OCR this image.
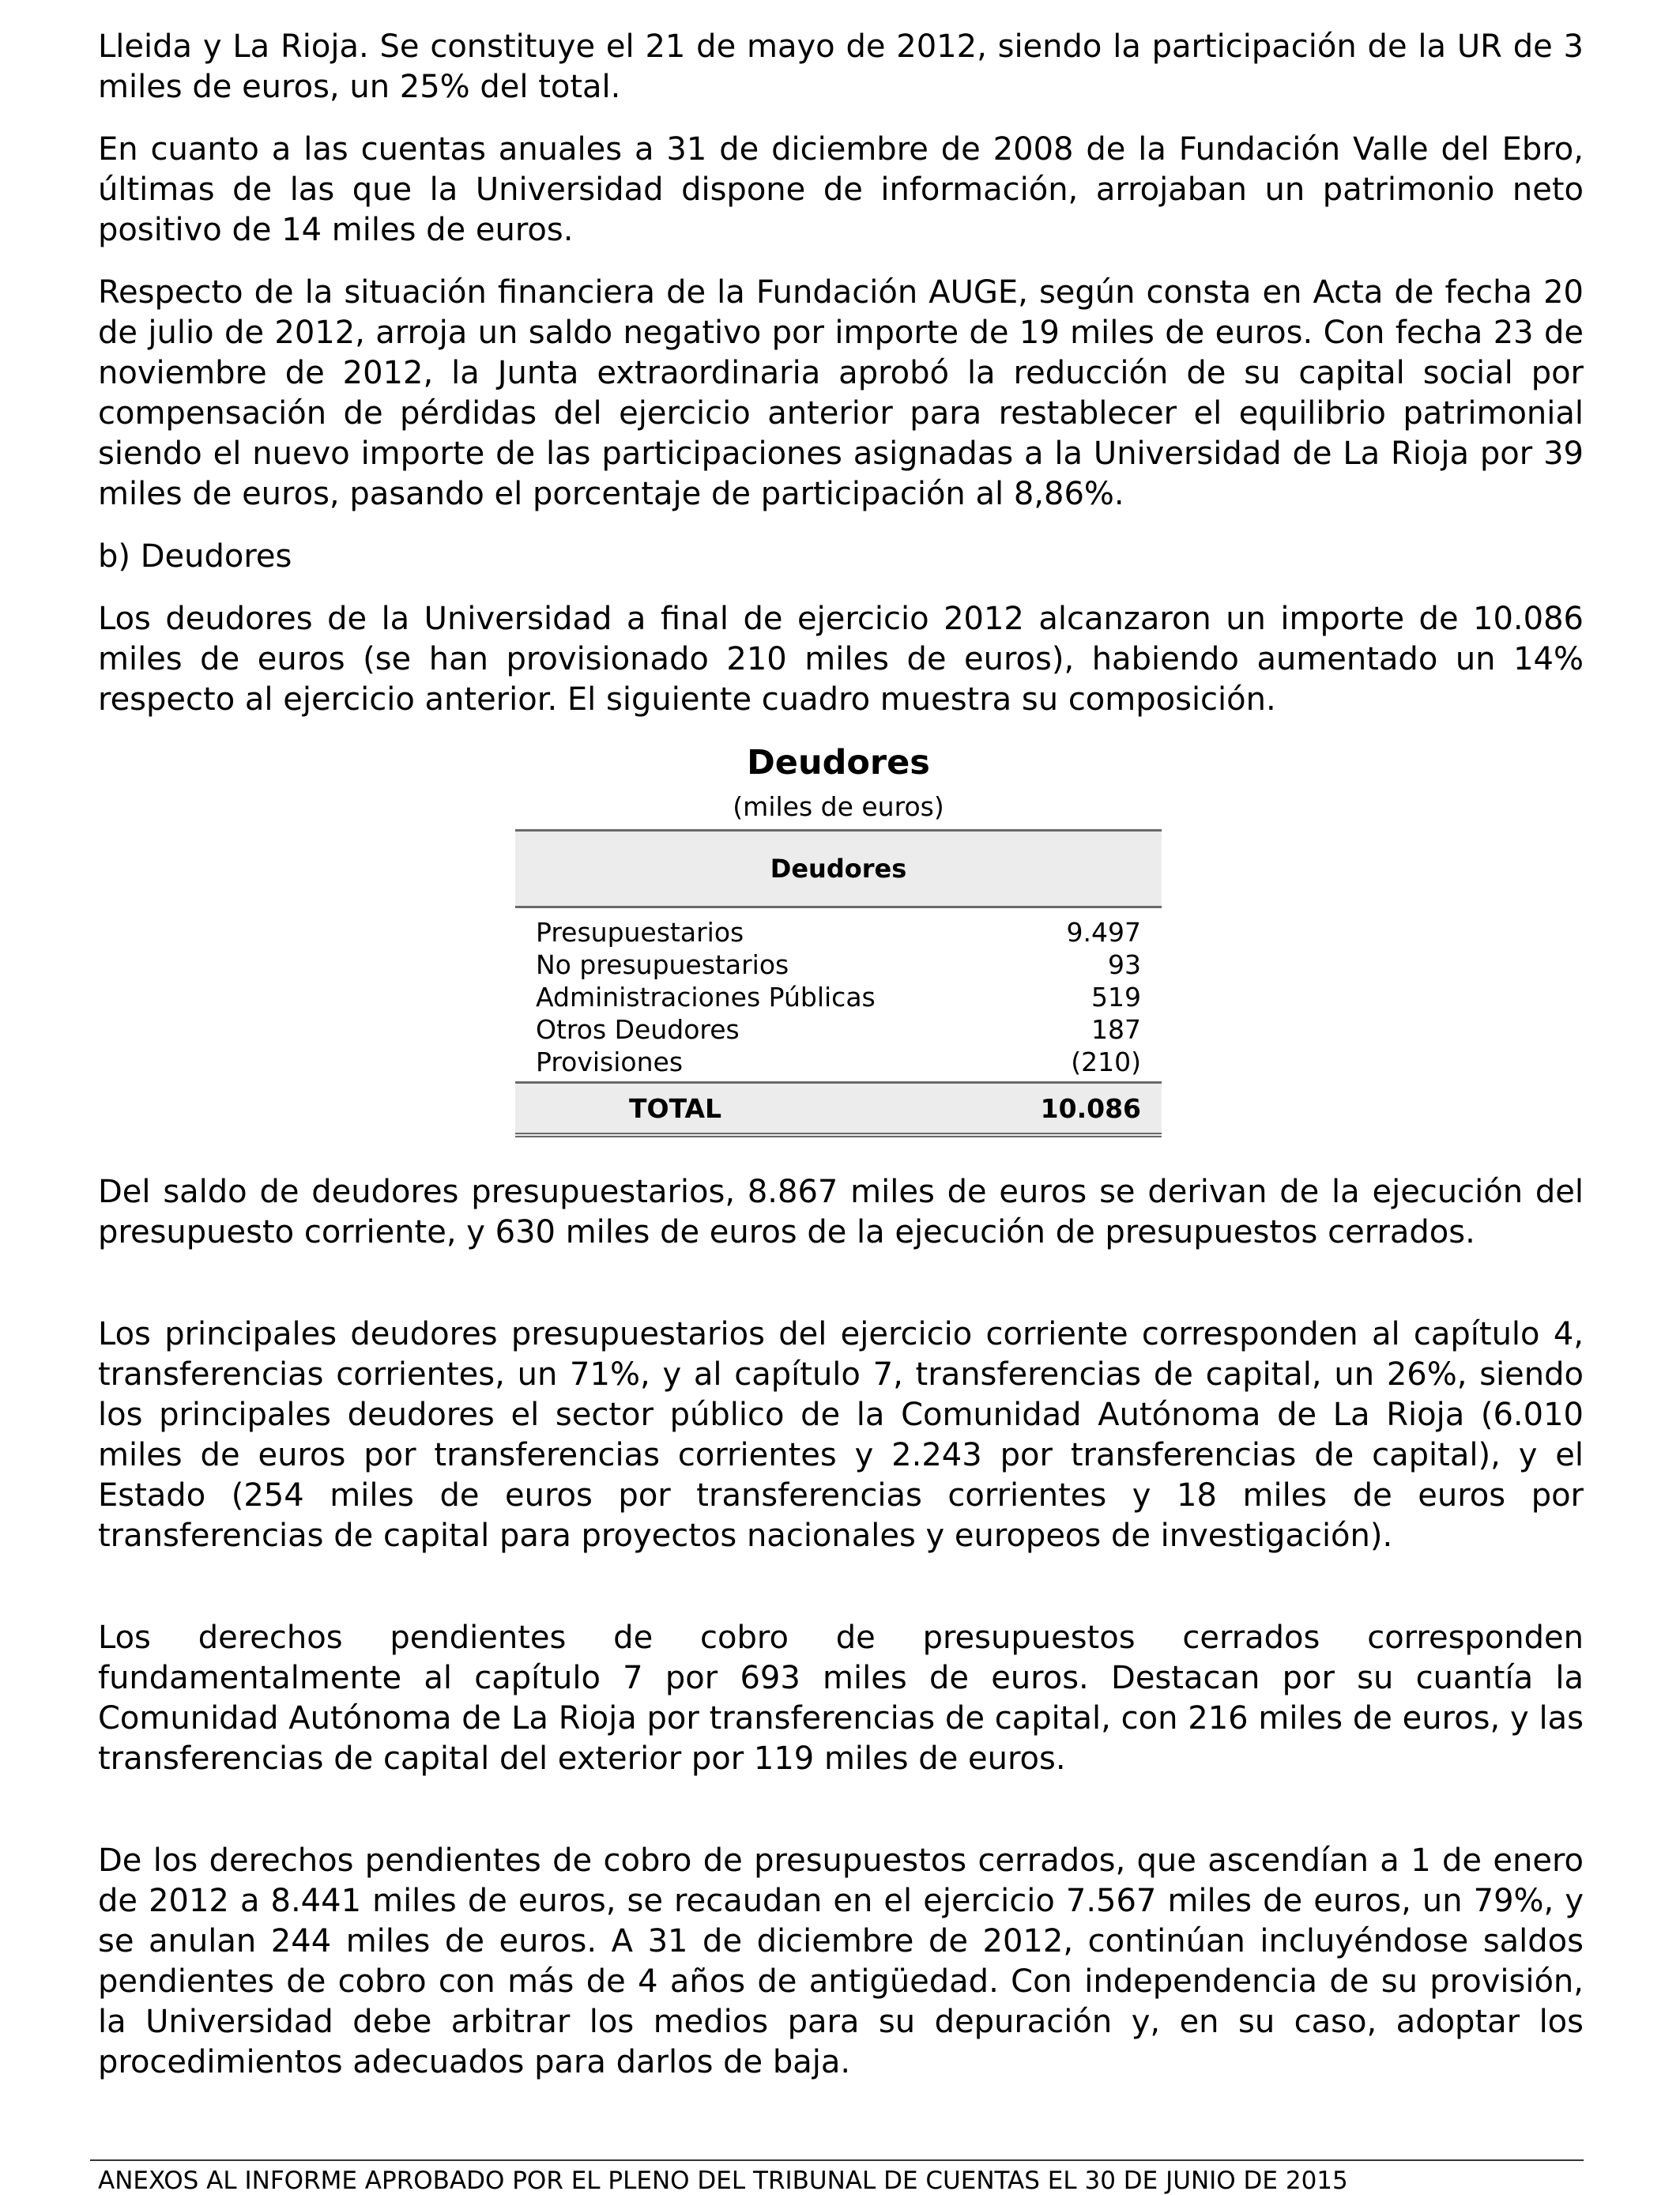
Lleida y La Rioja. Se constituye el 21 de mayo de 2012, siendo la participación de la UR de 3 miles de euros, un 25% del total.

En cuanto a las cuentas anuales a 31 de diciembre de 2008 de la Fundación Valle del Ebro, últimas de las que la Universidad dispone de información, arrojaban un patrimonio neto positivo de 14 miles de euros.

Respecto de la situación financiera de la Fundación AUGE, según consta en Acta de fecha 20 de julio de 2012, arroja un saldo negativo por importe de 19 miles de euros. Con fecha 23 de noviembre de 2012, la Junta extraordinaria aprobó la reducción de su capital social por compensación de pérdidas del ejercicio anterior para restablecer el equilibrio patrimonial siendo el nuevo importe de las participaciones asignadas a la Universidad de La Rioja por 39 miles de euros, pasando el porcentaje de participación al 8,86%.

b) Deudores

Los deudores de la Universidad a final de ejercicio 2012 alcanzaron un importe de 10.086 miles de euros (se han provisionado 210 miles de euros), habiendo aumentado un 14% respecto al ejercicio anterior. El siguiente cuadro muestra su composición.

Deudores
(miles de euros)
Deudores
Presupuestarios	9.497
No presupuestarios	93
Administraciones Públicas	519
Otros Deudores	187
Provisiones	(210)
TOTAL	10.086

Del saldo de deudores presupuestarios, 8.867 miles de euros se derivan de la ejecución del presupuesto corriente, y 630 miles de euros de la ejecución de presupuestos cerrados.

Los principales deudores presupuestarios del ejercicio corriente corresponden al capítulo 4, transferencias corrientes, un 71%, y al capítulo 7, transferencias de capital, un 26%, siendo los principales deudores el sector público de la Comunidad Autónoma de La Rioja (6.010 miles de euros por transferencias corrientes y 2.243 por transferencias de capital), y el Estado (254 miles de euros por transferencias corrientes y 18 miles de euros por transferencias de capital para proyectos nacionales y europeos de investigación).

Los derechos pendientes de cobro de presupuestos cerrados corresponden fundamentalmente al capítulo 7 por 693 miles de euros. Destacan por su cuantía la Comunidad Autónoma de La Rioja por transferencias de capital, con 216 miles de euros, y las transferencias de capital del exterior por 119 miles de euros.

De los derechos pendientes de cobro de presupuestos cerrados, que ascendían a 1 de enero de 2012 a 8.441 miles de euros, se recaudan en el ejercicio 7.567 miles de euros, un 79%, y se anulan 244 miles de euros. A 31 de diciembre de 2012, continúan incluyéndose saldos pendientes de cobro con más de 4 años de antigüedad. Con independencia de su provisión, la Universidad debe arbitrar los medios para su depuración y, en su caso, adoptar los procedimientos adecuados para darlos de baja.

ANEXOS AL INFORME APROBADO POR EL PLENO DEL TRIBUNAL DE CUENTAS EL 30 DE JUNIO DE 2015
